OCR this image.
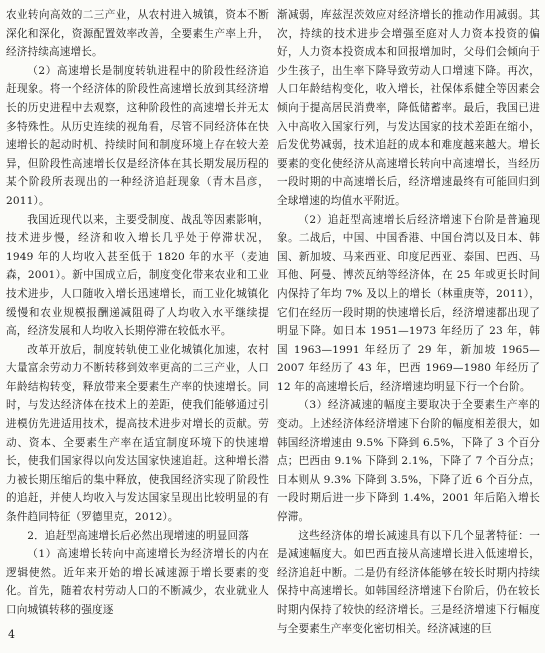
农业转向高效的二三产业，从农村进入城镇，资本不断深化和深化，资源配置效率改善，全要素生产率上升，经济持续高速增长。

（2）高速增长是制度转轨进程中的阶段性经济追赶现象。将一个经济体的阶段性高速增长放到其经济增长的历史进程中去观察，这种阶段性的高速增长并无太多特殊性。从历史连续的视角看，尽管不同经济体在快速增长的起动时机、持续时间和制度环境上存在较大差异，但阶段性高速增长仅是经济体在其长期发展历程的某个阶段所表现出的一种经济追赶现象（青木昌彦，2011）。

我国近现代以来，主要受制度、战乱等因素影响，技术进步慢，经济和收入增长几乎处于停滞状况，1949 年的人均收入甚至低于 1820 年的水平（麦迪森，2001）。新中国成立后，制度变化带来农业和工业技术进步，人口随收入增长迅速增长，而工业化城镇化缓慢和农业规模报酬递减阻碍了人均收入水平继续提高，经济发展和人均收入长期停滞在较低水平。

改革开放后，制度转轨使工业化城镇化加速，农村大量富余劳动力不断转移到效率更高的二三产业，人口年龄结构转变，释放带来全要素生产率的快速增长。同时，与发达经济体在技术上的差距，使我们能够通过引进模仿先进适用技术，提高技术进步对增长的贡献。劳动、资本、全要素生产率在适宜制度环境下的快速增长，使我们国家得以向发达国家快速追赶。这种增长潜力被长期压缩后的集中释放，使我国经济实现了阶段性的追赶，并使人均收入与发达国家呈现出比较明显的有条件趋同特征（罗德里克，2012）。

2．追赶型高速增长后必然出现增速的明显回落

（1）高速增长转向中高速增长为经济增长的内在逻辑使然。近年来开始的增长减速源于增长要素的变化。首先，随着农村劳动人口的不断减少，农业就业人口向城镇转移的强度逐

渐减弱，库兹涅茨效应对经济增长的推动作用减弱。其次，持续的技术进步会增强至庭对人力资本投资的偏好，人力资本投资成本和回报增加时，父母们会倾向于少生孩子，出生率下降导致劳动人口增速下降。再次，人口年龄结构变化，收入增长，社保体系健全等因素会倾向于提高居民消费率，降低储蓄率。最后，我国已进入中高收入国家行列，与发达国家的技术差距在缩小，后发优势减弱，技术追赶的成本和难度越来越大。增长要素的变化使经济从高速增长转向中高速增长，当经历一段时期的中高速增长后，经济增速最终有可能回归到全球增速的均值水平附近。

（2）追赶型高速增长后经济增速下台阶是普遍现象。二战后，中国、中国香港、中国台湾以及日本、韩国、新加坡、马来西亚、印度尼西亚、泰国、巴西、马耳他、阿曼、博茨瓦纳等经济体，在 25 年或更长时间内保持了年均 7% 及以上的增长（林重庚等，2011），它们在经历一段时期的快速增长后，经济增速都出现了明显下降。如日本 1951—1973 年经历了 23 年，韩国 1963—1991 年经历了 29 年，新加坡 1965—2007 年经历了 43 年，巴西 1969—1980 年经历了 12 年的高速增长后，经济增速均明显下行一个台阶。

（3）经济减速的幅度主要取决于全要素生产率的变动。上述经济体经济增速下台阶的幅度相差很大，如韩国经济增速由 9.5% 下降到 6.5%，下降了 3 个百分点；巴西由 9.1% 下降到 2.1%，下降了 7 个百分点；日本则从 9.3% 下降到 3.5%，下降了近 6 个百分点，一段时期后进一步下降到 1.4%，2001 年后陷入增长停滞。

这些经济体的增长减速具有以下几个显著特征：一是减速幅度大。如巴西直接从高速增长进入低速增长，经济追赶中断。二是仍有经济体能够在较长时期内持续保持中高速增长。如韩国经济增速下台阶后，仍在较长时期内保持了较快的经济增长。三是经济增速下行幅度与全要素生产率变化密切相关。经济减速的巨

4
